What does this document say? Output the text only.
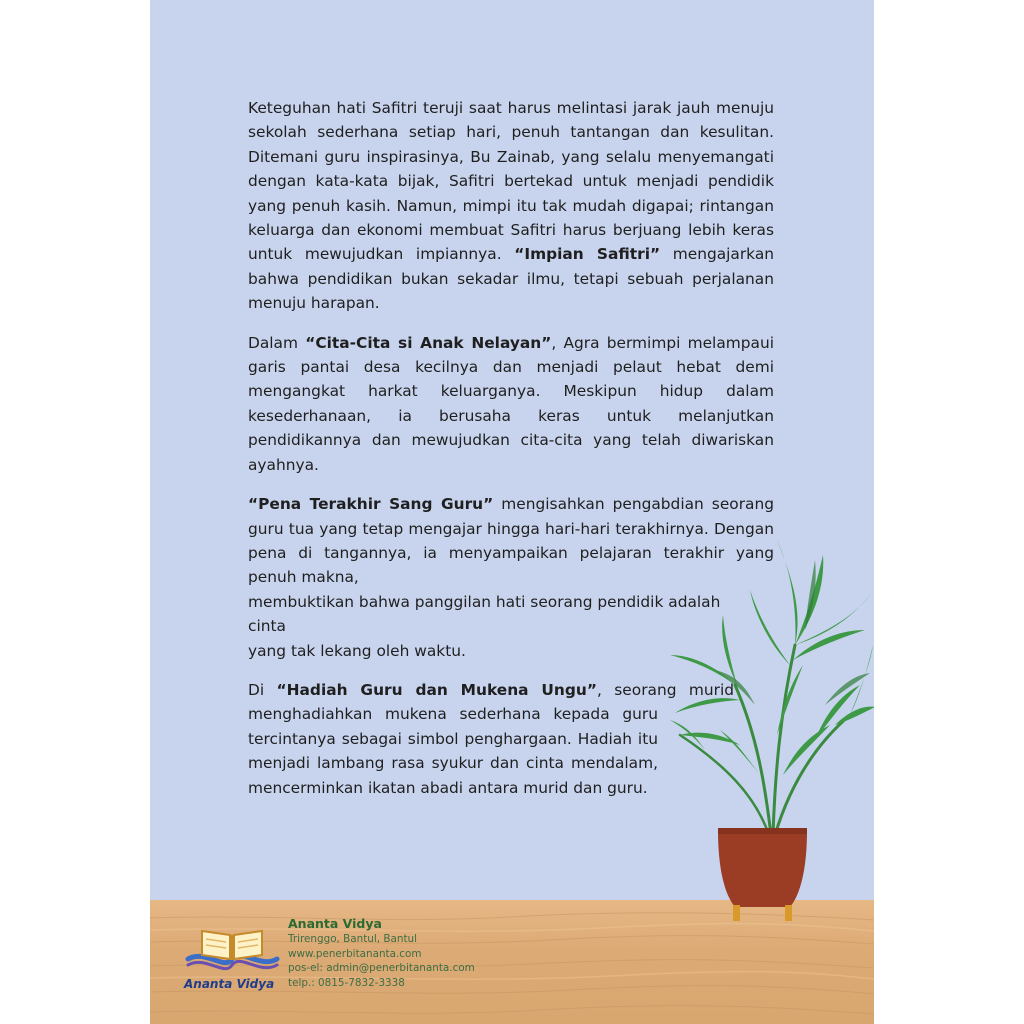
Keteguhan hati Safitri teruji saat harus melintasi jarak jauh menuju sekolah sederhana setiap hari, penuh tantangan dan kesulitan. Ditemani guru inspirasinya, Bu Zainab, yang selalu menyemangati dengan kata-kata bijak, Safitri bertekad untuk menjadi pendidik yang penuh kasih. Namun, mimpi itu tak mudah digapai; rintangan keluarga dan ekonomi membuat Safitri harus berjuang lebih keras untuk mewujudkan impiannya. “Impian Safitri” mengajarkan bahwa pendidikan bukan sekadar ilmu, tetapi sebuah perjalanan menuju harapan.

Dalam “Cita-Cita si Anak Nelayan”, Agra bermimpi melampaui garis pantai desa kecilnya dan menjadi pelaut hebat demi mengangkat harkat keluarganya. Meskipun hidup dalam kesederhanaan, ia berusaha keras untuk melanjutkan pendidikannya dan mewujudkan cita-cita yang telah diwariskan ayahnya.

“Pena Terakhir Sang Guru” mengisahkan pengabdian seorang guru tua yang tetap mengajar hingga hari-hari terakhirnya. Dengan pena di tangannya, ia menyampaikan pelajaran terakhir yang penuh makna,
membuktikan bahwa panggilan hati seorang pendidik adalah cinta
yang tak lekang oleh waktu.

Di “Hadiah Guru dan Mukena Ungu”, seorang murid
menghadiahkan mukena sederhana kepada guru tercintanya sebagai simbol penghargaan. Hadiah itu menjadi lambang rasa syukur dan cinta mendalam, mencerminkan ikatan abadi antara murid dan guru.

Ananta Vidya
Ananta Vidya
Trirenggo, Bantul, Bantul
www.penerbitananta.com
pos-el: admin@penerbitananta.com
telp.: 0815-7832-3338
